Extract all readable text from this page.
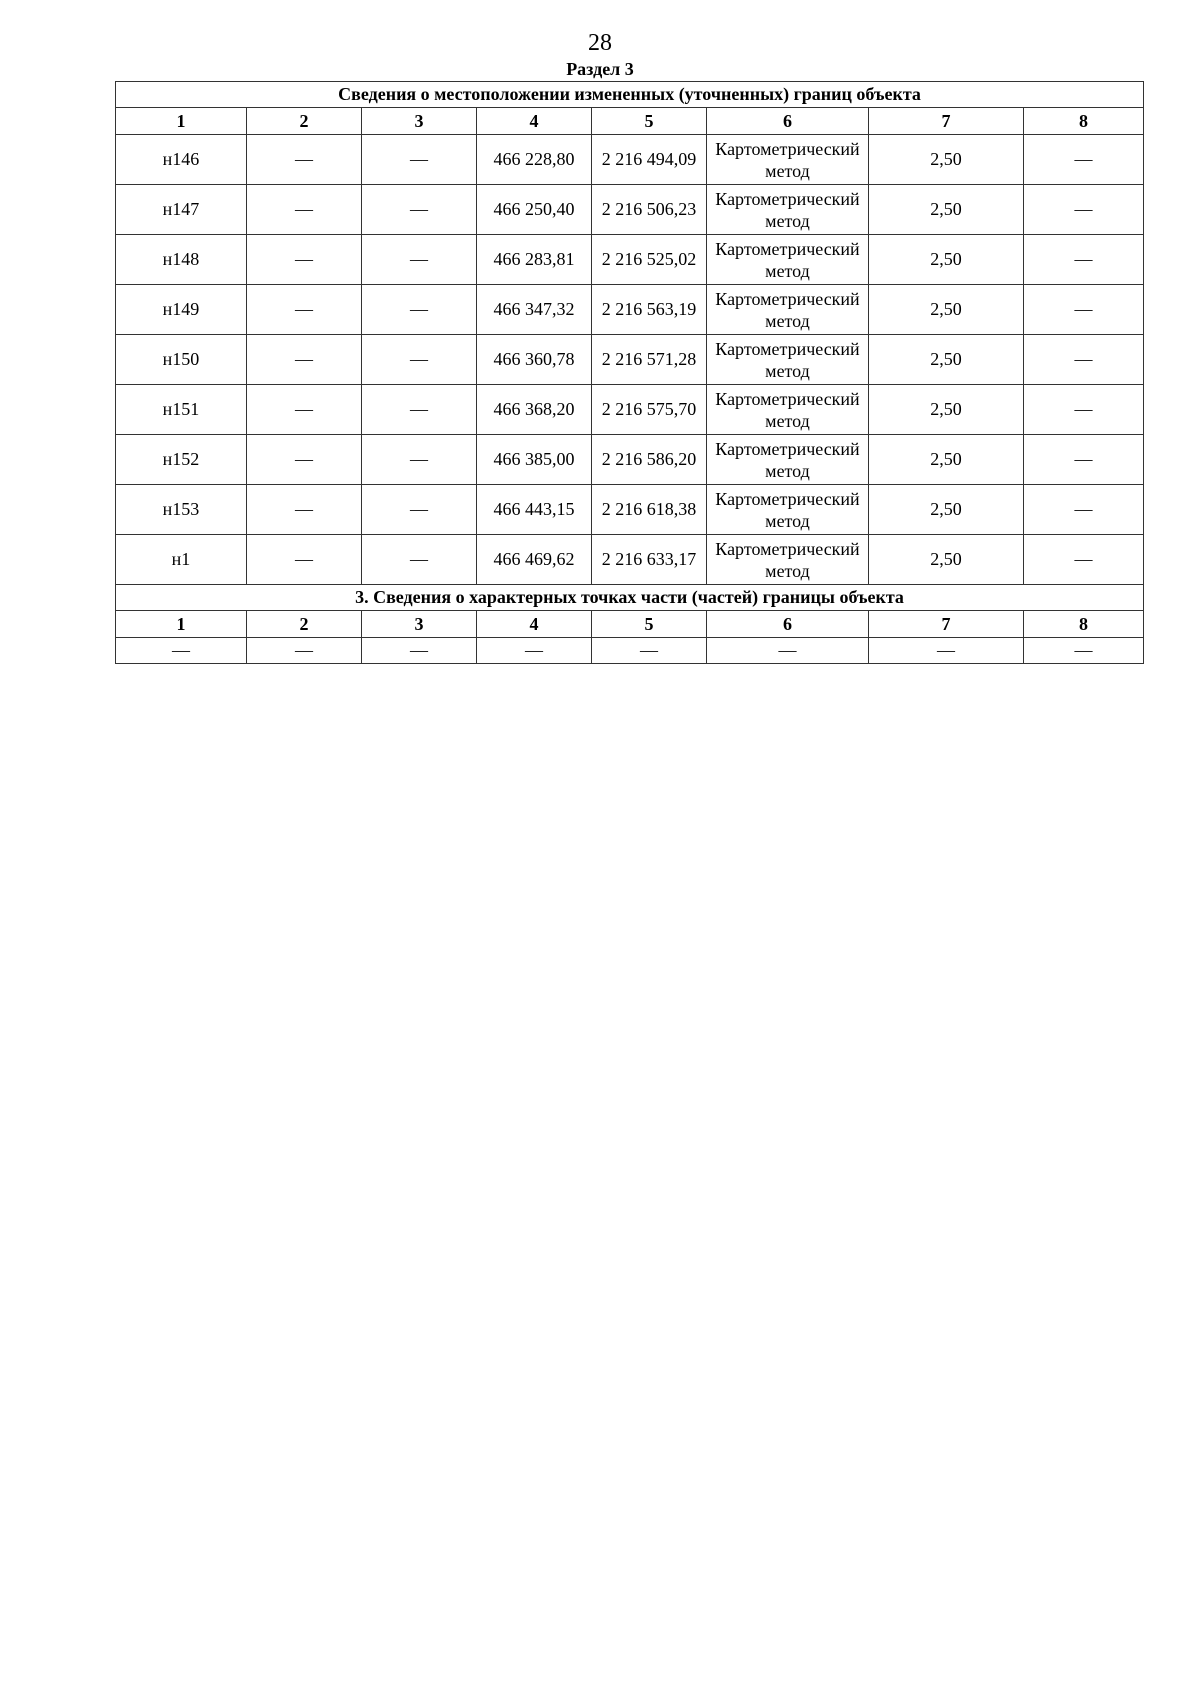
28
Раздел 3
Сведения о местоположении измененных (уточненных) границ объекта							
1	2	3	4	5	6	7	8
н146	—	—	466 228,80	2 216 494,09	Картометрический метод	2,50	—
н147	—	—	466 250,40	2 216 506,23	Картометрический метод	2,50	—
н148	—	—	466 283,81	2 216 525,02	Картометрический метод	2,50	—
н149	—	—	466 347,32	2 216 563,19	Картометрический метод	2,50	—
н150	—	—	466 360,78	2 216 571,28	Картометрический метод	2,50	—
н151	—	—	466 368,20	2 216 575,70	Картометрический метод	2,50	—
н152	—	—	466 385,00	2 216 586,20	Картометрический метод	2,50	—
н153	—	—	466 443,15	2 216 618,38	Картометрический метод	2,50	—
н1	—	—	466 469,62	2 216 633,17	Картометрический метод	2,50	—
3. Сведения о характерных точках части (частей) границы объекта							
1	2	3	4	5	6	7	8
—	—	—	—	—	—	—	—
